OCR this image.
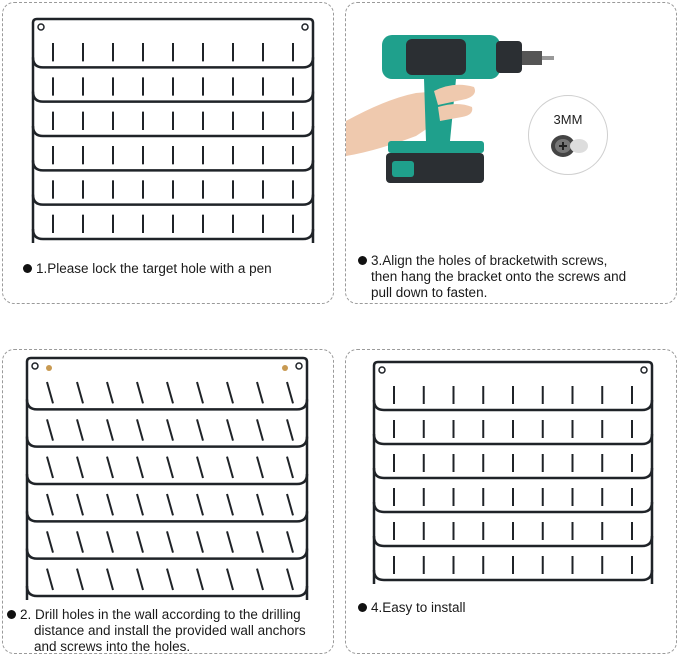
1.Please lock the target hole with a pen
3MM
3.Align the holes of bracketwith screws,
then hang the bracket onto the screws and
pull down to fasten.
2. Drill holes in the wall according to the drilling
distance and install the provided wall anchors
and screws into the holes.
4.Easy to install
